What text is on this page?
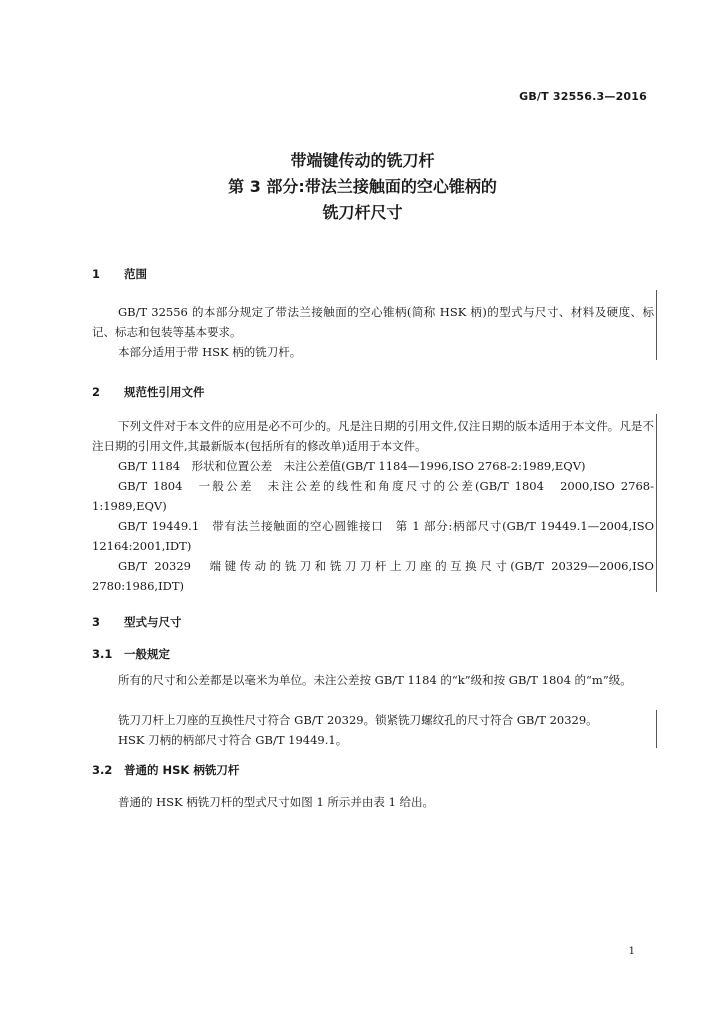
GB/T 32556.3—2016
带端键传动的铣刀杆
第 3 部分:带法兰接触面的空心锥柄的
铣刀杆尺寸
1 范围
GB/T 32556 的本部分规定了带法兰接触面的空心锥柄(简称 HSK 柄)的型式与尺寸、材料及硬度、标记、标志和包装等基本要求。
本部分适用于带 HSK 柄的铣刀杆。
2 规范性引用文件
下列文件对于本文件的应用是必不可少的。凡是注日期的引用文件,仅注日期的版本适用于本文件。凡是不注日期的引用文件,其最新版本(包括所有的修改单)适用于本文件。
GB/T 1184　形状和位置公差　未注公差值(GB/T 1184—1996,ISO 2768-2:1989,EQV)
GB/T 1804　一般公差　未注公差的线性和角度尺寸的公差(GB/T 1804　2000,ISO 2768-1:1989,EQV)
GB/T 19449.1　带有法兰接触面的空心圆锥接口　第 1 部分:柄部尺寸(GB/T 19449.1—2004,ISO 12164:2001,IDT)
GB/T 20329　端键传动的铣刀和铣刀刀杆上刀座的互换尺寸(GB/T 20329—2006,ISO 2780:1986,IDT)
3 型式与尺寸
3.1 一般规定
所有的尺寸和公差都是以毫米为单位。未注公差按 GB/T 1184 的“k”级和按 GB/T 1804 的“m”级。
铣刀刀杆上刀座的互换性尺寸符合 GB/T 20329。锁紧铣刀螺纹孔的尺寸符合 GB/T 20329。
HSK 刀柄的柄部尺寸符合 GB/T 19449.1。
3.2 普通的 HSK 柄铣刀杆
普通的 HSK 柄铣刀杆的型式尺寸如图 1 所示并由表 1 给出。
1
